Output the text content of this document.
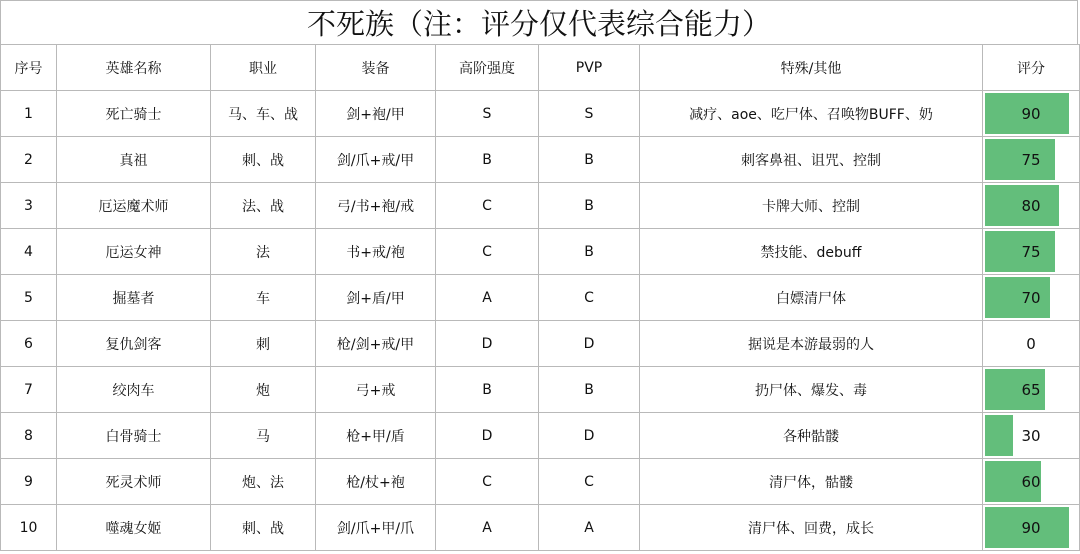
不死族（注：评分仅代表综合能力）
序号	英雄名称	职业	装备	高阶强度	PVP	特殊/其他	评分
1	死亡骑士	马、车、战	剑+袍/甲	S	S	减疗、aoe、吃尸体、召唤物BUFF、奶	90
2	真祖	刺、战	剑/爪+戒/甲	B	B	刺客鼻祖、诅咒、控制	75
3	厄运魔术师	法、战	弓/书+袍/戒	C	B	卡牌大师、控制	80
4	厄运女神	法	书+戒/袍	C	B	禁技能、debuff	75
5	掘墓者	车	剑+盾/甲	A	C	白嫖清尸体	70
6	复仇剑客	刺	枪/剑+戒/甲	D	D	据说是本游最弱的人	0
7	绞肉车	炮	弓+戒	B	B	扔尸体、爆发、毒	65
8	白骨骑士	马	枪+甲/盾	D	D	各种骷髅	30
9	死灵术师	炮、法	枪/杖+袍	C	C	清尸体，骷髅	60
10	噬魂女姬	刺、战	剑/爪+甲/爪	A	A	清尸体、回费，成长	90
